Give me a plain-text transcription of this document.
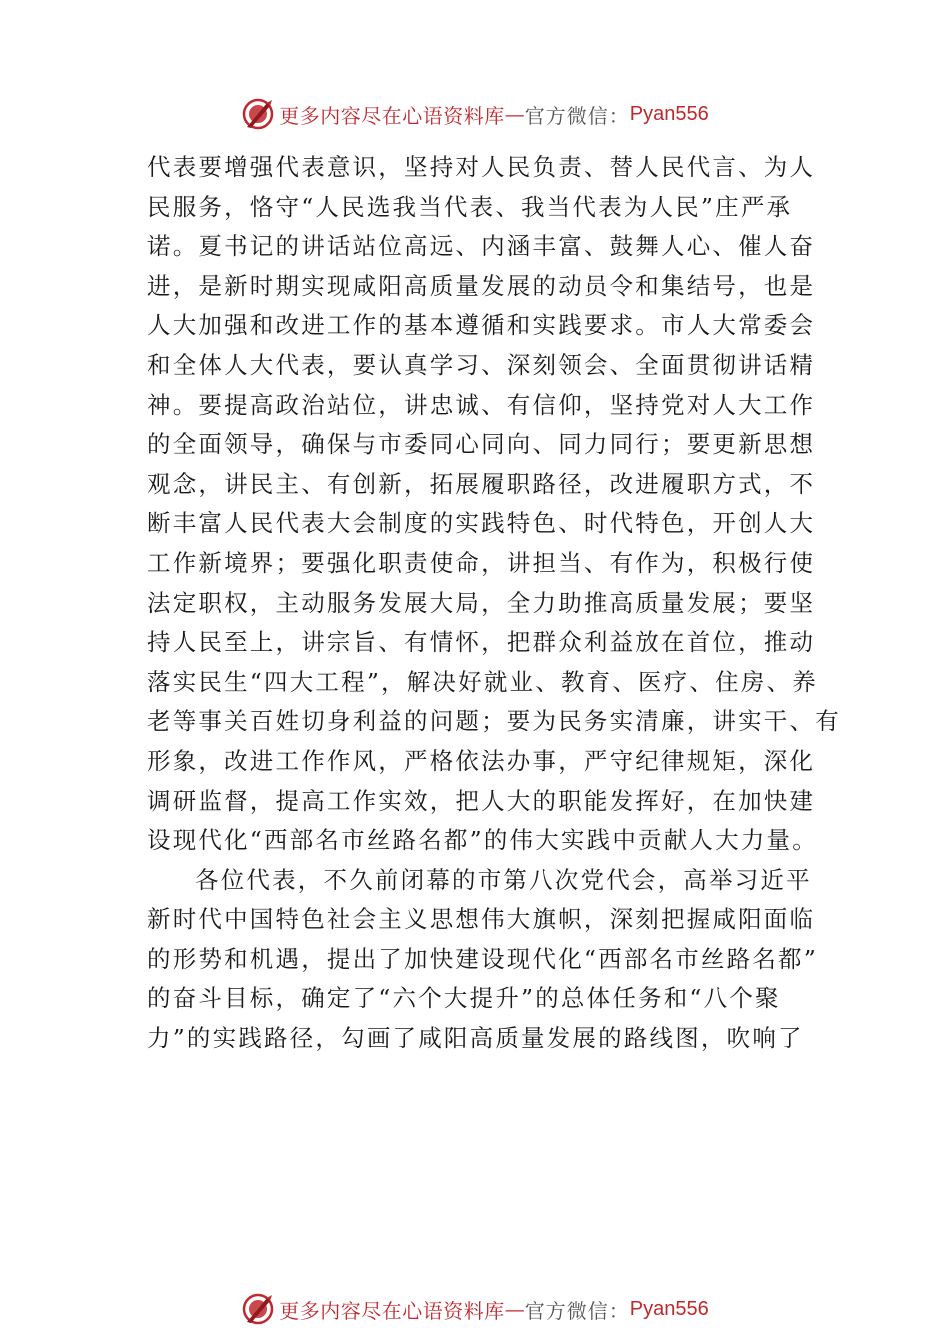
更多内容尽在心语资料库 — 官方微信： Pyan556
代表要增强代表意识，坚持对人民负责、替人民代言、为人
民服务，恪守“人民选我当代表、我当代表为人民”庄严承
诺。夏书记的讲话站位高远、内涵丰富、鼓舞人心、催人奋
进，是新时期实现咸阳高质量发展的动员令和集结号，也是
人大加强和改进工作的基本遵循和实践要求。市人大常委会
和全体人大代表，要认真学习、深刻领会、全面贯彻讲话精
神。要提高政治站位，讲忠诚、有信仰，坚持党对人大工作
的全面领导，确保与市委同心同向、同力同行；要更新思想
观念，讲民主、有创新，拓展履职路径，改进履职方式，不
断丰富人民代表大会制度的实践特色、时代特色，开创人大
工作新境界；要强化职责使命，讲担当、有作为，积极行使
法定职权，主动服务发展大局，全力助推高质量发展；要坚
持人民至上，讲宗旨、有情怀，把群众利益放在首位，推动
落实民生“四大工程”，解决好就业、教育、医疗、住房、养
老等事关百姓切身利益的问题；要为民务实清廉，讲实干、有
形象，改进工作作风，严格依法办事，严守纪律规矩，深化
调研监督，提高工作实效，把人大的职能发挥好，在加快建
设现代化“西部名市丝路名都”的伟大实践中贡献人大力量。
各位代表，不久前闭幕的市第八次党代会，高举习近平
新时代中国特色社会主义思想伟大旗帜，深刻把握咸阳面临
的形势和机遇，提出了加快建设现代化“西部名市丝路名都”
的奋斗目标，确定了“六个大提升”的总体任务和“八个聚
力”的实践路径，勾画了咸阳高质量发展的路线图，吹响了
更多内容尽在心语资料库 — 官方微信： Pyan556
